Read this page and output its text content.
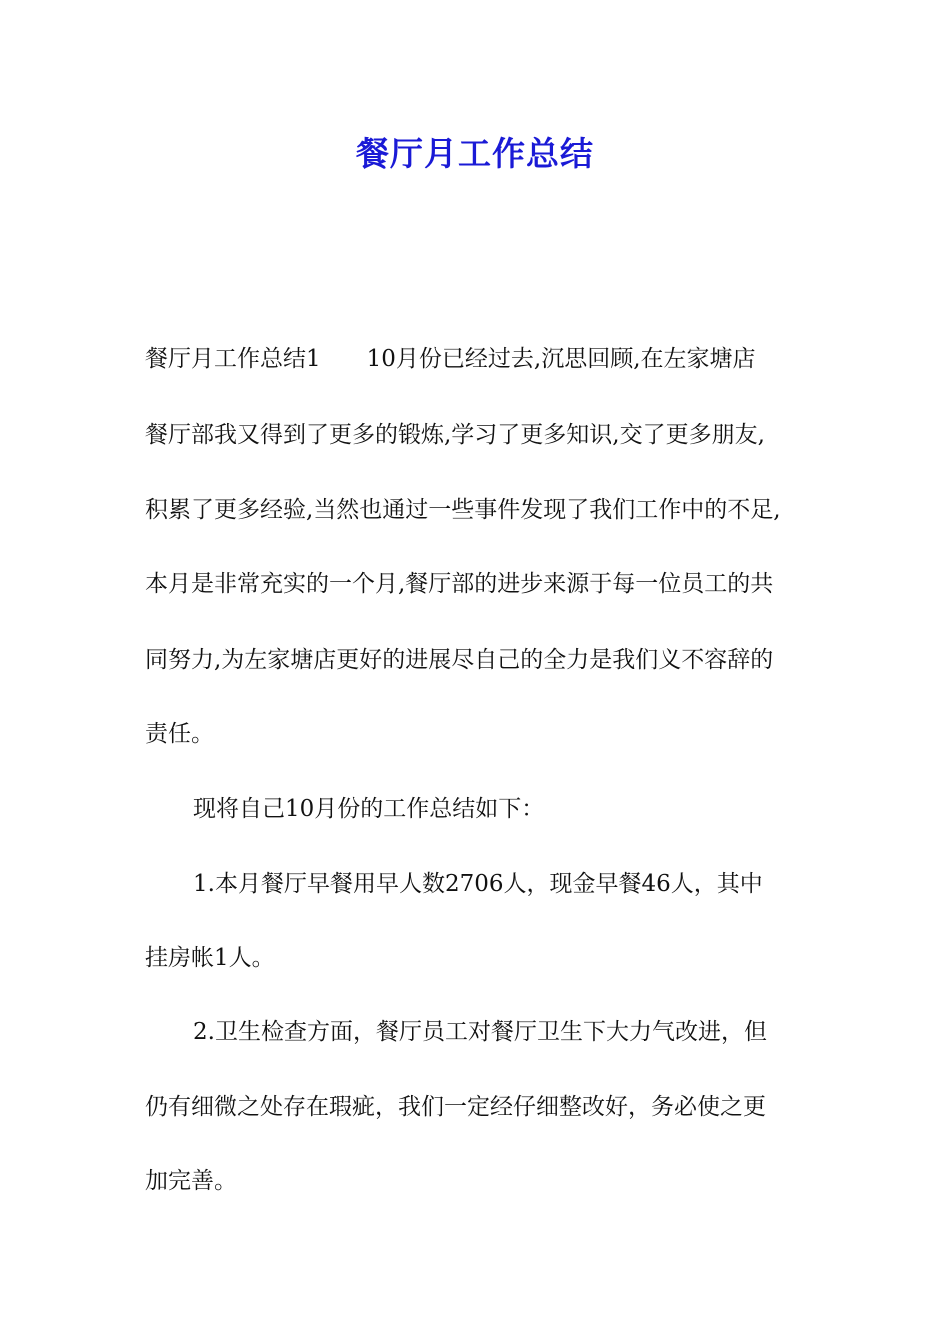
餐厅月工作总结

餐厅月工作总结1　　10月份已经过去,沉思回顾,在左家塘店

餐厅部我又得到了更多的锻炼,学习了更多知识,交了更多朋友,

积累了更多经验,当然也通过一些事件发现了我们工作中的不足,

本月是非常充实的一个月,餐厅部的进步来源于每一位员工的共

同努力,为左家塘店更好的进展尽自己的全力是我们义不容辞的

责任。

现将自己10月份的工作总结如下：

1.本月餐厅早餐用早人数2706人，现金早餐46人，其中

挂房帐1人。

2.卫生检查方面，餐厅员工对餐厅卫生下大力气改进，但

仍有细微之处存在瑕疵，我们一定经仔细整改好，务必使之更

加完善。
